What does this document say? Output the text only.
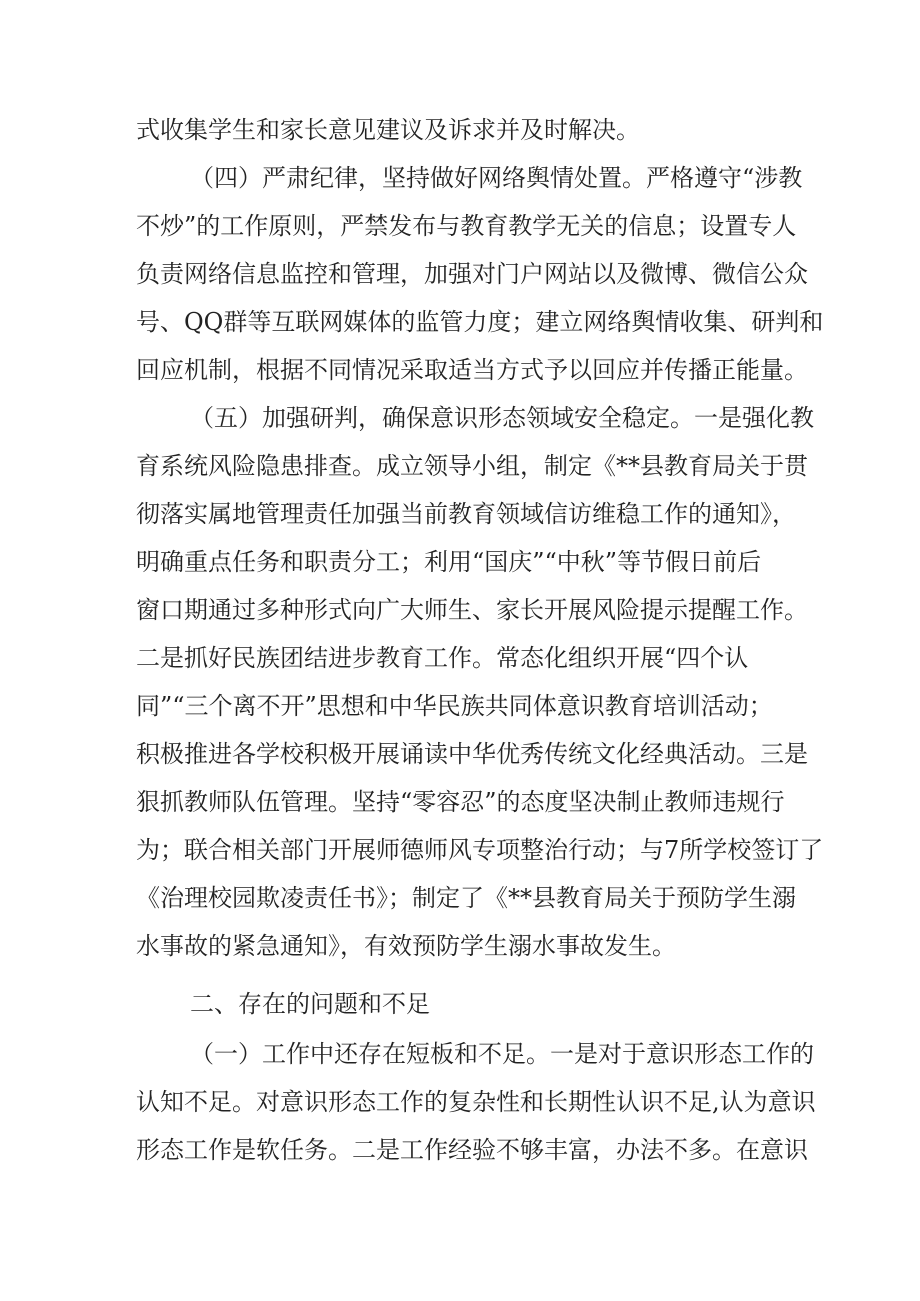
式收集学生和家长意见建议及诉求并及时解决。
（四）严肃纪律，坚持做好网络舆情处置。严格遵守“涉教
不炒”的工作原则，严禁发布与教育教学无关的信息；设置专人
负责网络信息监控和管理，加强对门户网站以及微博、微信公众
号、QQ群等互联网媒体的监管力度；建立网络舆情收集、研判和
回应机制，根据不同情况采取适当方式予以回应并传播正能量。
（五）加强研判，确保意识形态领域安全稳定。一是强化教
育系统风险隐患排查。成立领导小组，制定《**县教育局关于贯
彻落实属地管理责任加强当前教育领域信访维稳工作的通知》，
明确重点任务和职责分工；利用“国庆”“中秋”等节假日前后
窗口期通过多种形式向广大师生、家长开展风险提示提醒工作。
二是抓好民族团结进步教育工作。常态化组织开展“四个认
同”“三个离不开”思想和中华民族共同体意识教育培训活动；
积极推进各学校积极开展诵读中华优秀传统文化经典活动。三是
狠抓教师队伍管理。坚持“零容忍”的态度坚决制止教师违规行
为；联合相关部门开展师德师风专项整治行动；与7所学校签订了
《治理校园欺凌责任书》；制定了《**县教育局关于预防学生溺
水事故的紧急通知》，有效预防学生溺水事故发生。
二、存在的问题和不足
（一）工作中还存在短板和不足。一是对于意识形态工作的
认知不足。对意识形态工作的复杂性和长期性认识不足,认为意识
形态工作是软任务。二是工作经验不够丰富，办法不多。在意识
